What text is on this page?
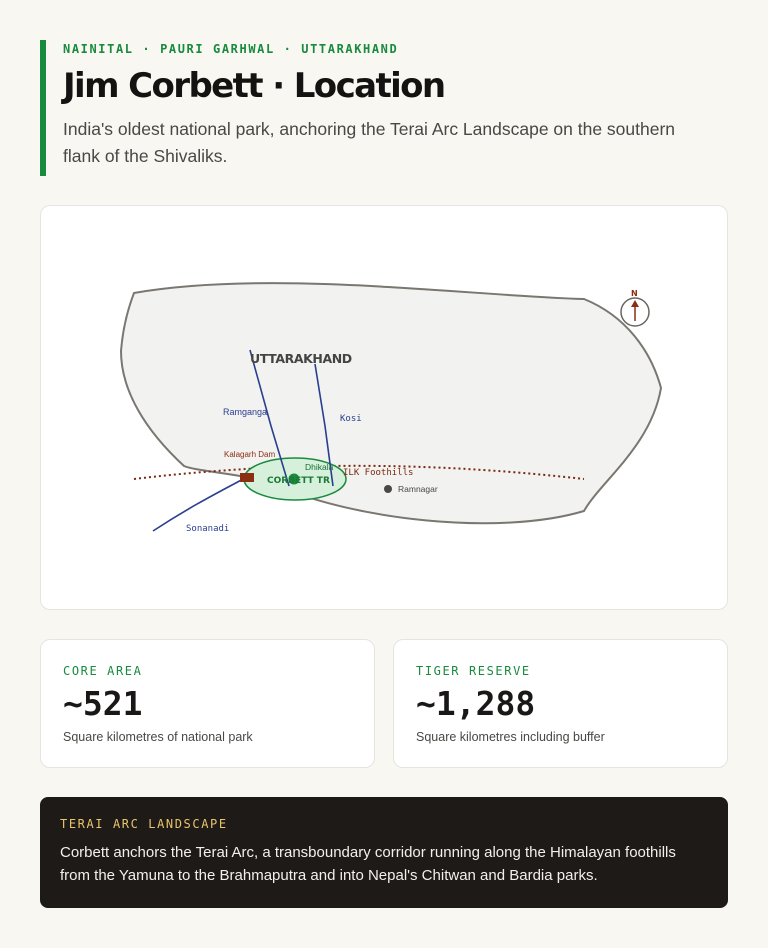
NAINITAL · PAURI GARHWAL · UTTARAKHAND
Jim Corbett · Location
India's oldest national park, anchoring the Terai Arc Landscape on the southern flank of the Shivaliks.
UTTARAKHAND
Ramganga
Kosi
Sonanadi
Kalagarh Dam
ILK Foothills
Dhikala
CORBETT TR
Ramnagar
N
CORE AREA
~521
Square kilometres of national park
TIGER RESERVE
~1,288
Square kilometres including buffer
TERAI ARC LANDSCAPE
Corbett anchors the Terai Arc, a transboundary corridor running along the Himalayan foothills from the Yamuna to the Brahmaputra and into Nepal's Chitwan and Bardia parks.
